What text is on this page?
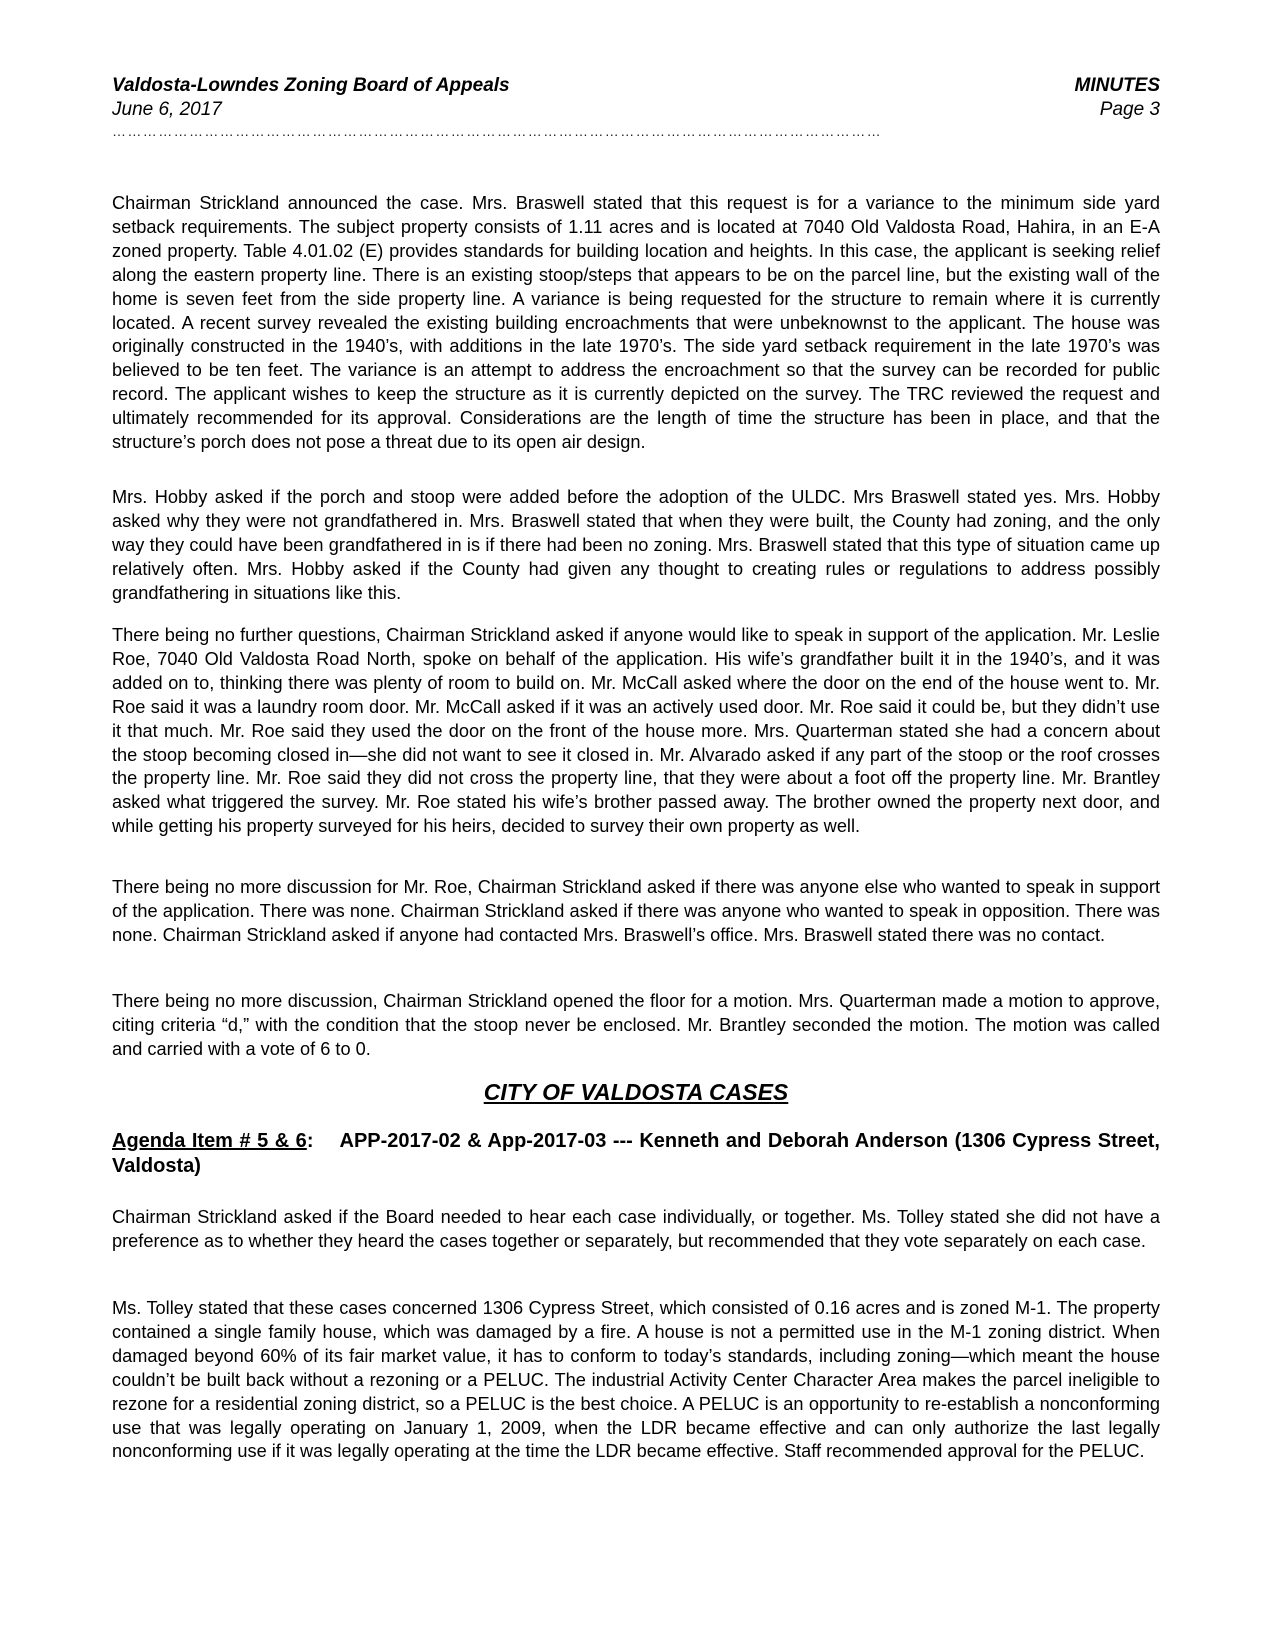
Valdosta-Lowndes Zoning Board of Appeals	MINUTES
June 6, 2017	Page 3
……………………………………………………………………………………………………………………………………

Chairman Strickland announced the case. Mrs. Braswell stated that this request is for a variance to the minimum side yard setback requirements. The subject property consists of 1.11 acres and is located at 7040 Old Valdosta Road, Hahira, in an E-A zoned property. Table 4.01.02 (E) provides standards for building location and heights. In this case, the applicant is seeking relief along the eastern property line. There is an existing stoop/steps that appears to be on the parcel line, but the existing wall of the home is seven feet from the side property line. A variance is being requested for the structure to remain where it is currently located. A recent survey revealed the existing building encroachments that were unbeknownst to the applicant. The house was originally constructed in the 1940’s, with additions in the late 1970’s. The side yard setback requirement in the late 1970’s was believed to be ten feet. The variance is an attempt to address the encroachment so that the survey can be recorded for public record. The applicant wishes to keep the structure as it is currently depicted on the survey. The TRC reviewed the request and ultimately recommended for its approval. Considerations are the length of time the structure has been in place, and that the structure’s porch does not pose a threat due to its open air design.

Mrs. Hobby asked if the porch and stoop were added before the adoption of the ULDC. Mrs Braswell stated yes. Mrs. Hobby asked why they were not grandfathered in. Mrs. Braswell stated that when they were built, the County had zoning, and the only way they could have been grandfathered in is if there had been no zoning. Mrs. Braswell stated that this type of situation came up relatively often. Mrs. Hobby asked if the County had given any thought to creating rules or regulations to address possibly grandfathering in situations like this.

There being no further questions, Chairman Strickland asked if anyone would like to speak in support of the application. Mr. Leslie Roe, 7040 Old Valdosta Road North, spoke on behalf of the application. His wife’s grandfather built it in the 1940’s, and it was added on to, thinking there was plenty of room to build on. Mr. McCall asked where the door on the end of the house went to. Mr. Roe said it was a laundry room door. Mr. McCall asked if it was an actively used door. Mr. Roe said it could be, but they didn’t use it that much. Mr. Roe said they used the door on the front of the house more. Mrs. Quarterman stated she had a concern about the stoop becoming closed in—she did not want to see it closed in. Mr. Alvarado asked if any part of the stoop or the roof crosses the property line. Mr. Roe said they did not cross the property line, that they were about a foot off the property line. Mr. Brantley asked what triggered the survey. Mr. Roe stated his wife’s brother passed away. The brother owned the property next door, and while getting his property surveyed for his heirs, decided to survey their own property as well.

There being no more discussion for Mr. Roe, Chairman Strickland asked if there was anyone else who wanted to speak in support of the application. There was none. Chairman Strickland asked if there was anyone who wanted to speak in opposition. There was none. Chairman Strickland asked if anyone had contacted Mrs. Braswell’s office. Mrs. Braswell stated there was no contact.

There being no more discussion, Chairman Strickland opened the floor for a motion. Mrs. Quarterman made a motion to approve, citing criteria “d,” with the condition that the stoop never be enclosed. Mr. Brantley seconded the motion. The motion was called and carried with a vote of 6 to 0.

CITY OF VALDOSTA CASES
Agenda Item # 5 & 6: APP-2017-02 & App-2017-03 --- Kenneth and Deborah Anderson (1306 Cypress Street, Valdosta)

Chairman Strickland asked if the Board needed to hear each case individually, or together. Ms. Tolley stated she did not have a preference as to whether they heard the cases together or separately, but recommended that they vote separately on each case.

Ms. Tolley stated that these cases concerned 1306 Cypress Street, which consisted of 0.16 acres and is zoned M-1. The property contained a single family house, which was damaged by a fire. A house is not a permitted use in the M-1 zoning district. When damaged beyond 60% of its fair market value, it has to conform to today’s standards, including zoning—which meant the house couldn’t be built back without a rezoning or a PELUC. The industrial Activity Center Character Area makes the parcel ineligible to rezone for a residential zoning district, so a PELUC is the best choice. A PELUC is an opportunity to re-establish a nonconforming use that was legally operating on January 1, 2009, when the LDR became effective and can only authorize the last legally nonconforming use if it was legally operating at the time the LDR became effective. Staff recommended approval for the PELUC.
